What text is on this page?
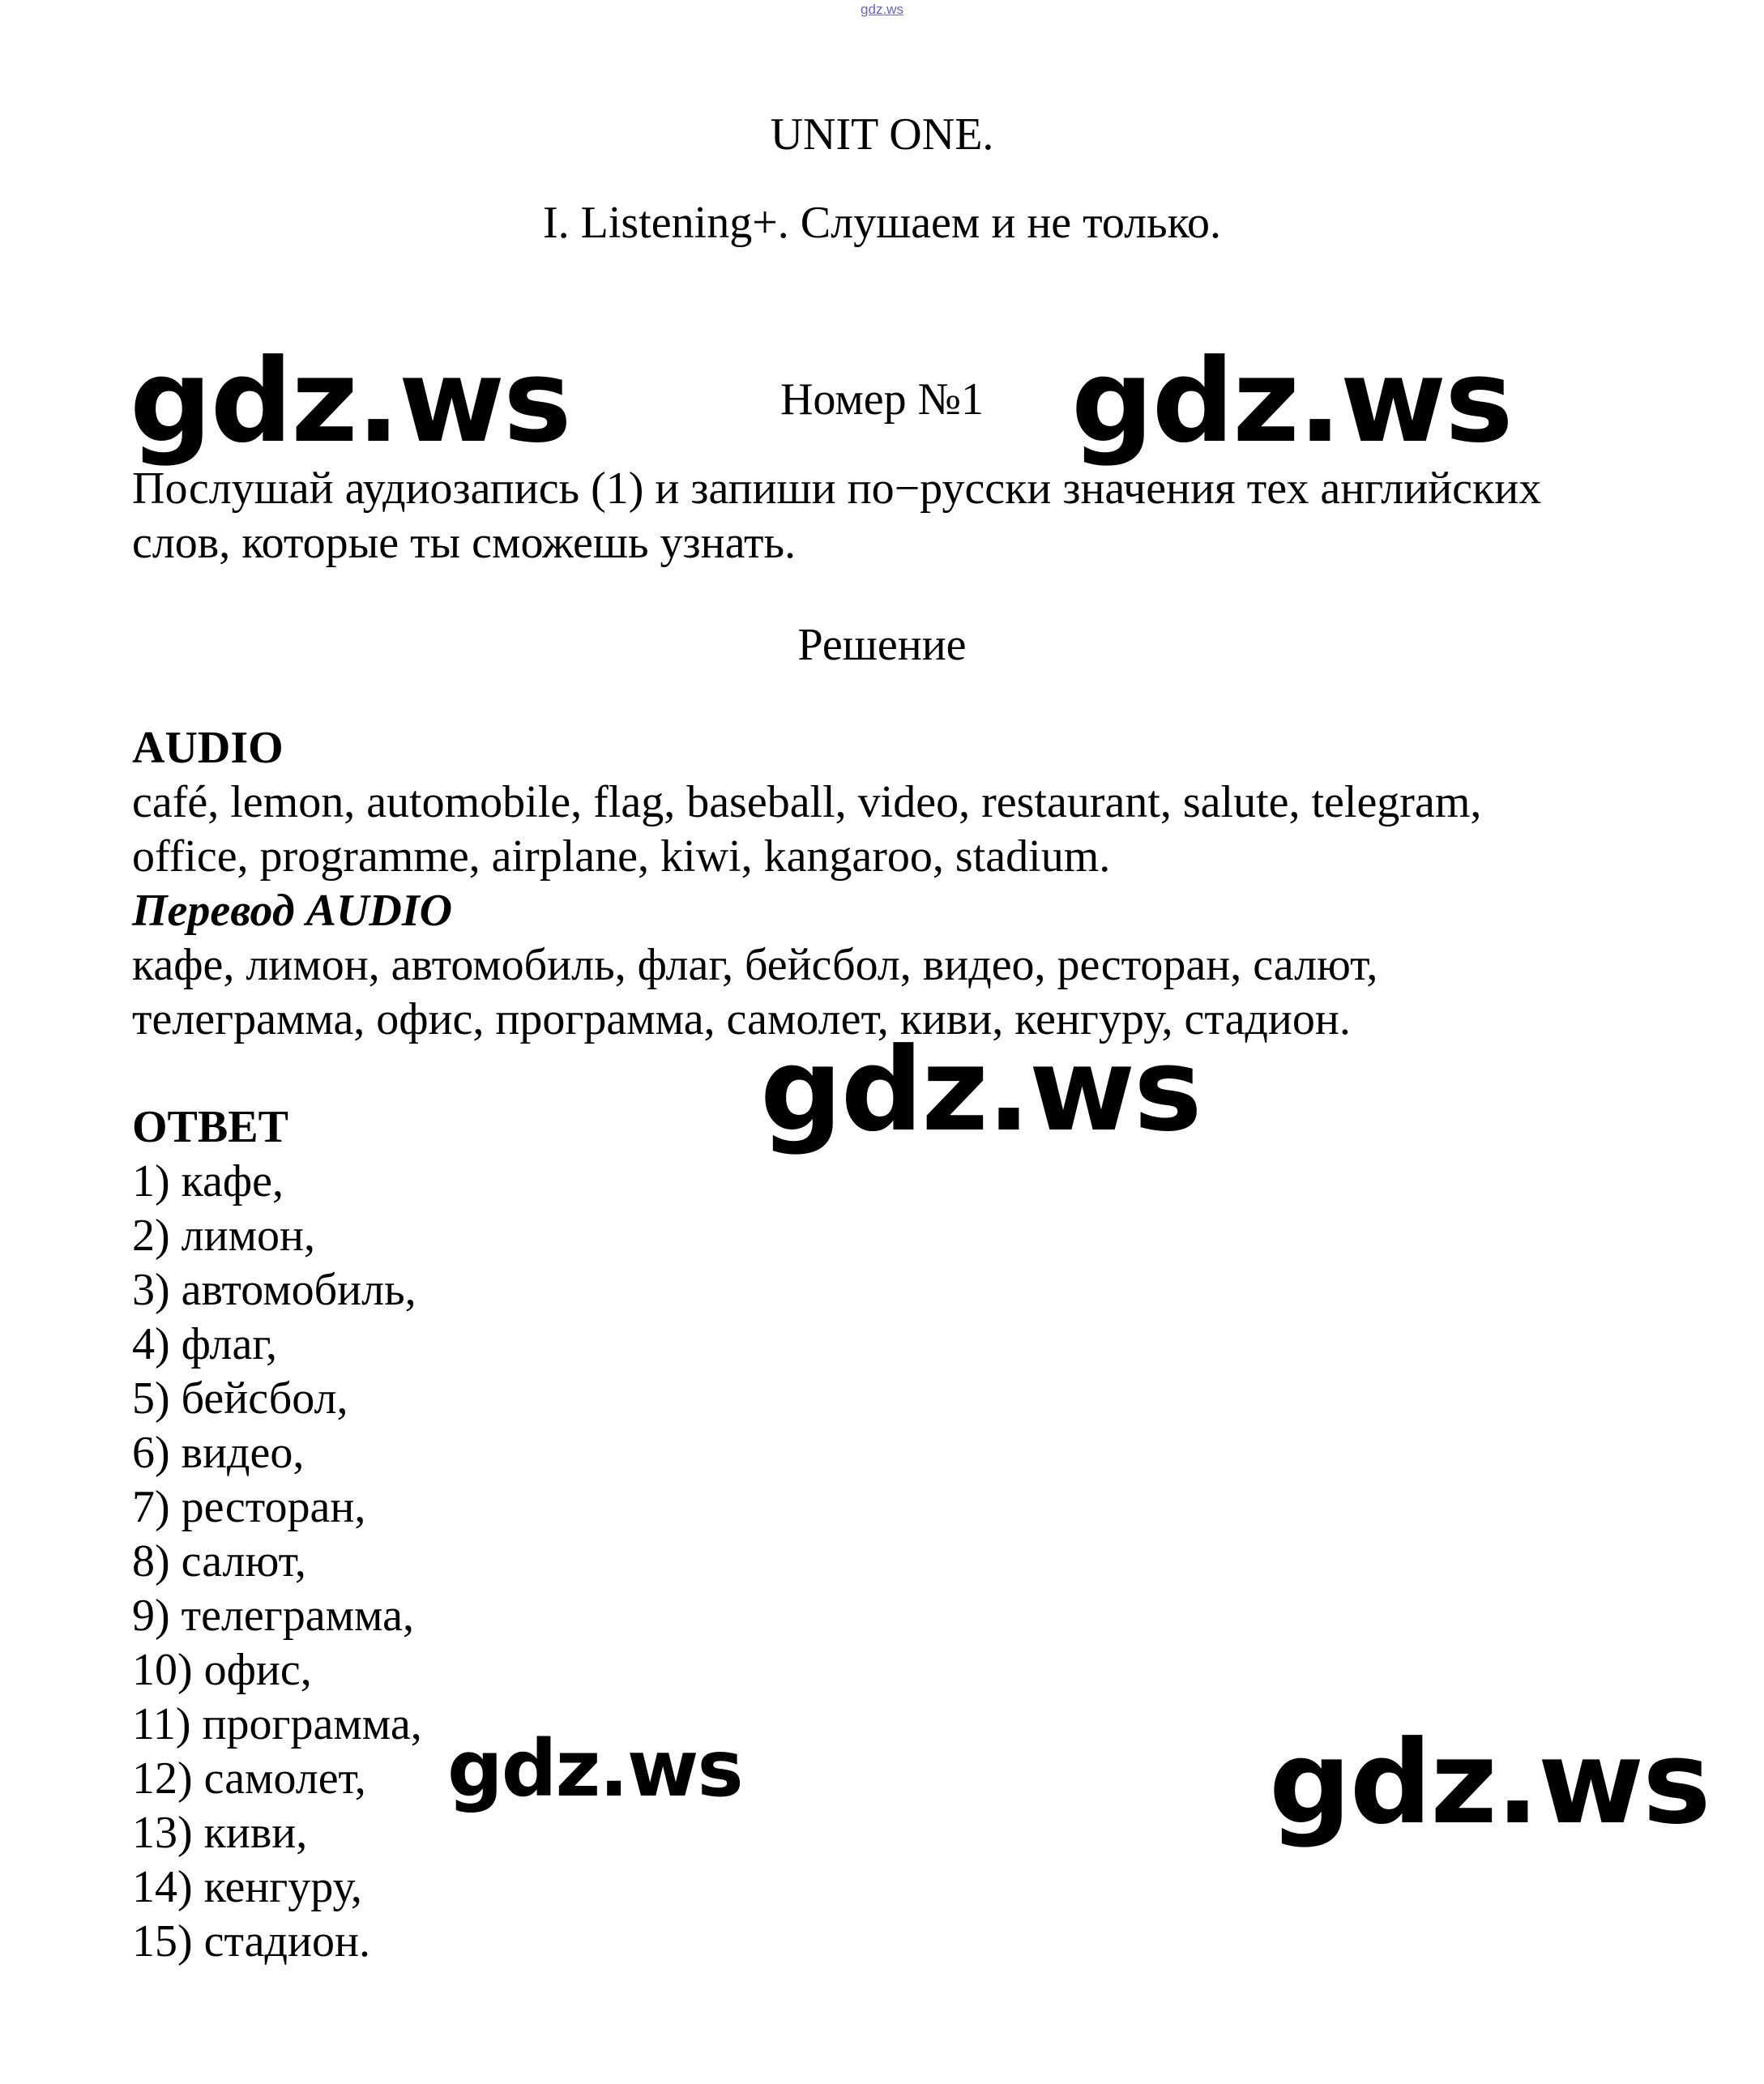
gdz.ws
UNIT ONE.
I. Listening+. Слушаем и не только.
Номер №1
Послушай аудиозапись (1) и запиши по−русски значения тех английских
слов, которые ты сможешь узнать.
Решение
AUDIO
café, lemon, automobile, flag, baseball, video, restaurant, salute, telegram,
office, programme, airplane, kiwi, kangaroo, stadium.
Перевод AUDIO
кафе, лимон, автомобиль, флаг, бейсбол, видео, ресторан, салют,
телеграмма, офис, программа, самолет, киви, кенгуру, стадион.
ОТВЕТ
1) кафе,
2) лимон,
3) автомобиль,
4) флаг,
5) бейсбол,
6) видео,
7) ресторан,
8) салют,
9) телеграмма,
10) офис,
11) программа,
12) самолет,
13) киви,
14) кенгуру,
15) стадион.
gdz.ws	gdz.ws
gdz.ws
gdz.ws	gdz.ws
